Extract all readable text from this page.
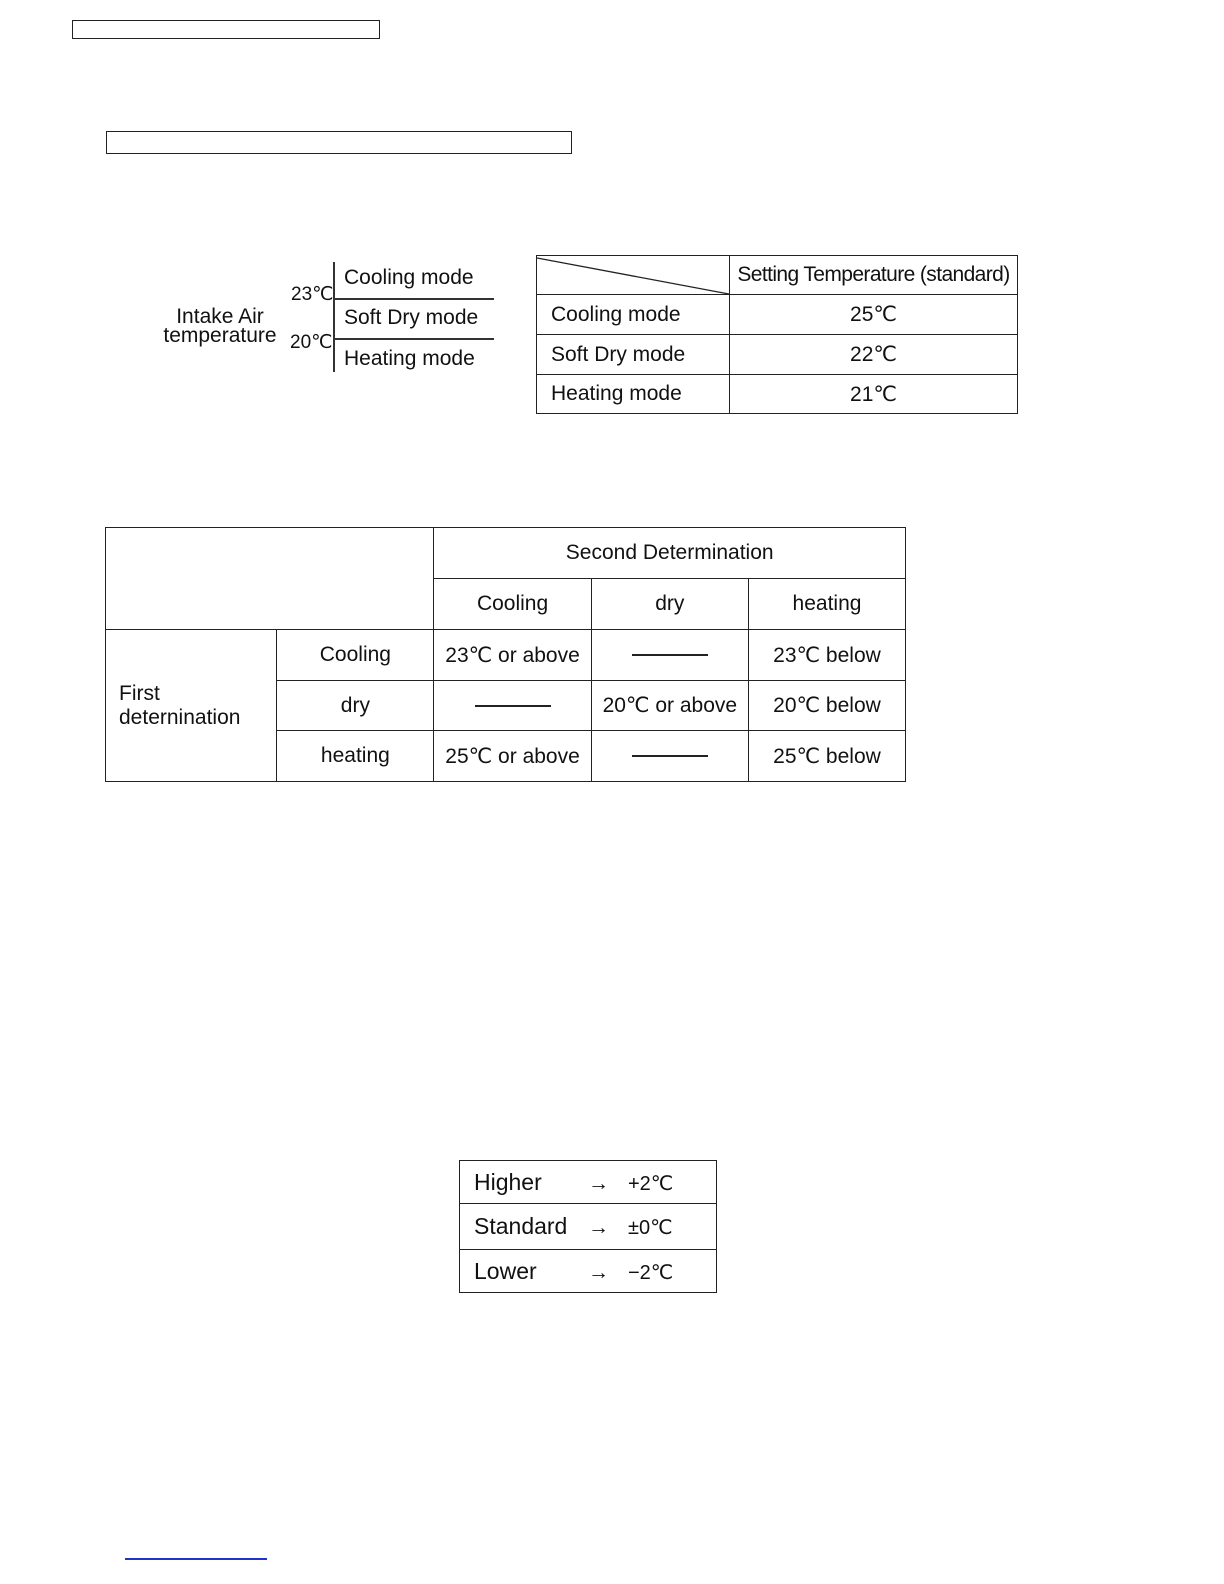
Intake Air
temperature
23℃
20℃
Cooling mode
Soft Dry mode
Heating mode
	Setting Temperature (standard)
Cooling mode	25℃
Soft Dry mode	22℃
Heating mode	21℃
		Second Determination		
		Cooling	dry	heating

First
deternination	Cooling	23℃ or above		23℃ below
	dry		20℃ or above	20℃ below
	heating	25℃ or above		25℃ below
Higher → +2℃
Standard → ±0℃
Lower → −2℃
